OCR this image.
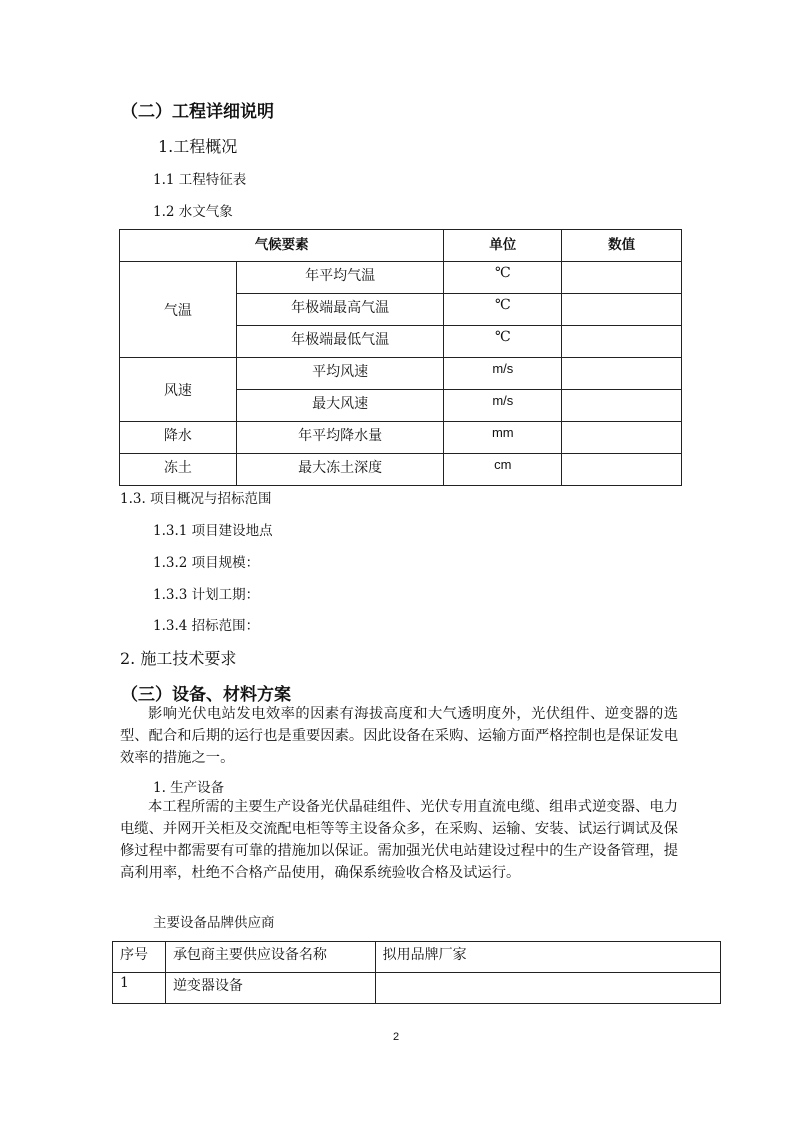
（二）工程详细说明
1.工程概况
1.1 工程特征表
1.2 水文气象
气候要素		单位	数值
气温	年平均气温	℃	
	年极端最高气温	℃	
	年极端最低气温	℃	
风速	平均风速	m/s	
	最大风速	m/s	
降水	年平均降水量	mm	
冻土	最大冻土深度	cm	
1.3. 项目概况与招标范围
1.3.1 项目建设地点
1.3.2 项目规模：
1.3.3 计划工期：
1.3.4 招标范围：
2. 施工技术要求
（三）设备、材料方案

影响光伏电站发电效率的因素有海拔高度和大气透明度外，光伏组件、逆变器的选型、配合和后期的运行也是重要因素。因此设备在采购、运输方面严格控制也是保证发电效率的措施之一。

1. 生产设备

本工程所需的主要生产设备光伏晶硅组件、光伏专用直流电缆、组串式逆变器、电力电缆、并网开关柜及交流配电柜等等主设备众多，在采购、运输、安装、试运行调试及保修过程中都需要有可靠的措施加以保证。需加强光伏电站建设过程中的生产设备管理，提高利用率，杜绝不合格产品使用，确保系统验收合格及试运行。

主要设备品牌供应商
序号	承包商主要供应设备名称	拟用品牌厂家
1	逆变器设备	
2
